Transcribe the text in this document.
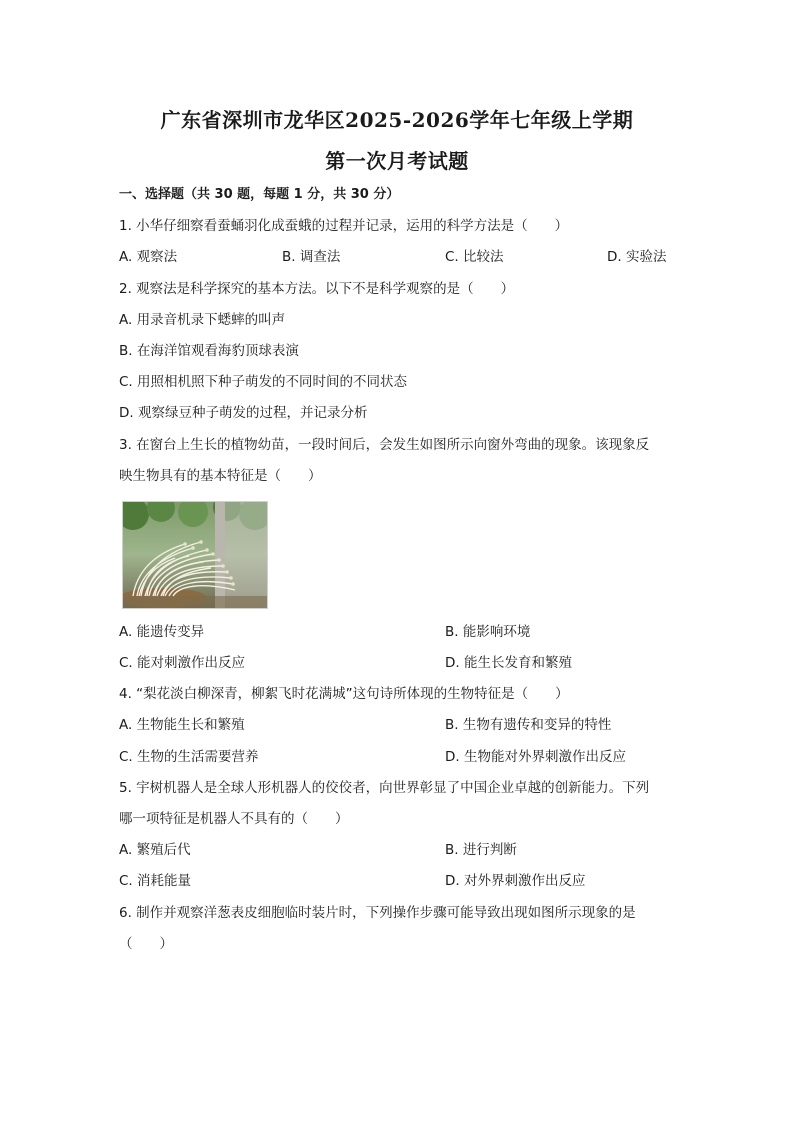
广东省深圳市龙华区2025-2026学年七年级上学期
第一次月考试题
一、选择题（共 30 题，每题 1 分，共 30 分）
1. 小华仔细察看蚕蛹羽化成蚕蛾的过程并记录，运用的科学方法是（　　）
A. 观察法	B. 调查法	C. 比较法	D. 实验法
2. 观察法是科学探究的基本方法。以下不是科学观察的是（　　）
A. 用录音机录下蟋蟀的叫声
B. 在海洋馆观看海豹顶球表演
C. 用照相机照下种子萌发的不同时间的不同状态
D. 观察绿豆种子萌发的过程，并记录分析
3. 在窗台上生长的植物幼苗，一段时间后，会发生如图所示向窗外弯曲的现象。该现象反
映生物具有的基本特征是（　　）
A. 能遗传变异	B. 能影响环境
C. 能对刺激作出反应	D. 能生长发育和繁殖
4. “梨花淡白柳深青，柳絮飞时花满城”这句诗所体现的生物特征是（　　）
A. 生物能生长和繁殖	B. 生物有遗传和变异的特性
C. 生物的生活需要营养	D. 生物能对外界刺激作出反应
5. 宇树机器人是全球人形机器人的佼佼者，向世界彰显了中国企业卓越的创新能力。下列
哪一项特征是机器人不具有的（　　）
A. 繁殖后代	B. 进行判断
C. 消耗能量	D. 对外界刺激作出反应
6. 制作并观察洋葱表皮细胞临时装片时，下列操作步骤可能导致出现如图所示现象的是
（　　）
